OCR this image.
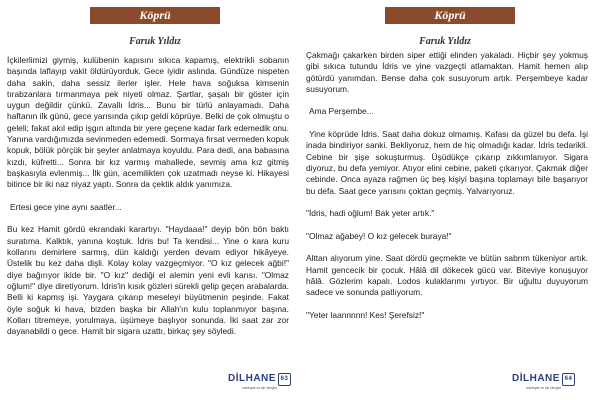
Köprü
Faruk Yıldız

İçkilerlimizi giymiş, kulübenin kapısını sıkıca kapamış, elektrikli sobanın başında laflayıp vakit öldürüyorduk. Gece iyidir aslında. Gündüze nispeten daha sakin, daha sessiz ilerler işler. Hele hava soğuksa kimsenin tırabzanlara tırmanmaya pek niyeti olmaz. Şartlar, şaşalı bir göster için uygun değildir çünkü. Zavallı İdris... Bunu bir türlü anlayamadı. Daha haftanın ilk günü, gece yarısında çıkıp geldi köprüye. Belki de çok olmuştu o geleli; fakat akıl edip işgın altında bir yere geçene kadar fark edemedik onu. Yanına vardığımızda sevinmeden edemedi. Sormaya fırsat vermeden kopuk kopuk, bölük pörçük bir şeyler anlatmaya koyuldu. Para dedi, ana babasına kızdı, küfretti... Sonra bir kız varmış mahallede, sevmiş ama kız gitmiş başkasıyla evlenmiş... İlk gün, acemilikten çok uzatmadı neyse ki. Hikayesi bitince bir iki naz niyaz yaptı. Sonra da çektik aldık yanımıza.

Ertesi gece yine aynı saatler...

Bu kez Hamit gördü ekrandaki karartıyı. "Haydaaa!" deyip bön bön baktı suratıma. Kalktık, yanına koştuk. İdris bu! Ta kendisi... Yine o kara kuru kollarını demirlere sarmış, dün kaldığı yerden devam ediyor hikâyeye. Üstelik bu kez daha dişli. Kolay kolay vazgeçmiyor. "O kız gelecek ağbi!" diye bağırıyor ikide bir. "O kız" dediği el alemin yeni evli karısı. "Olmaz oğlum!" diye diretiyorum. İdris'in kısık gözleri sürekli gelip geçen arabalarda. Belli ki kapmış işi. Yaygara çıkarıp meseleyi büyütmenin peşinde. Fakat öyle soğuk ki hava, bizden başka bir Allah'ın kulu toplanmıyor başına. Kolları titremeye, yorulmaya, üşümeye başlıyor sonunda. İki saat zar zor dayanabildi o gece. Hamit bir sigara uzattı, birkaç şey söyledi.

DİLHANE 63
edebiyat ve şiir dergisi
Köprü
Faruk Yıldız

Çakmağı çakarken birden siper ettiği elinden yakaladı. Hiçbir şey yokmuş gibi sıkıca tutundu İdris ve yine vazgeçti atlamaktan. Hamit hemen alıp götürdü yanımdan. Bense daha çok susuyorum artık. Perşembeye kadar susuyorum.

Ama Perşembe...

Yine köprüde İdris. Saat daha dokuz olmamış. Kafası da güzel bu defa. İşi inada bindiriyor sanki. Bekliyoruz, hem de hiç olmadığı kadar. İdris tedarikli. Cebine bir şişe sokuşturmuş. Üşüdükçe çıkarıp zıkkımlanıyor. Sigara diyoruz, bu defa yemiyor. Atıyor elini cebine, paketi çıkarıyor. Çakmak diğer cebinde. Onca ayaza rağmen üç beş kişiyi başına toplamayı bile başarıyor bu defa. Saat gece yarısını çoktan geçmiş. Yalvarıyoruz.

"İdris, hadi oğlum! Bak yeter artık."

"Olmaz ağabey! O kız gelecek buraya!"

Alttan alıyorum yine. Saat dördü geçmekte ve bütün sabrım tükeniyor artık. Hamit gencecik bir çocuk. Hâlâ dil dökecek gücü var. Biteviye konuşuyor hâlâ. Gözlerim kapalı. Lodos kulaklarımı yırtıyor. Bir uğultu duyuyorum sadece ve sonunda patlıyorum.

"Yeter laannnnn! Kes! Şerefsiz!"

DİLHANE 64
edebiyat ve şiir dergisi
